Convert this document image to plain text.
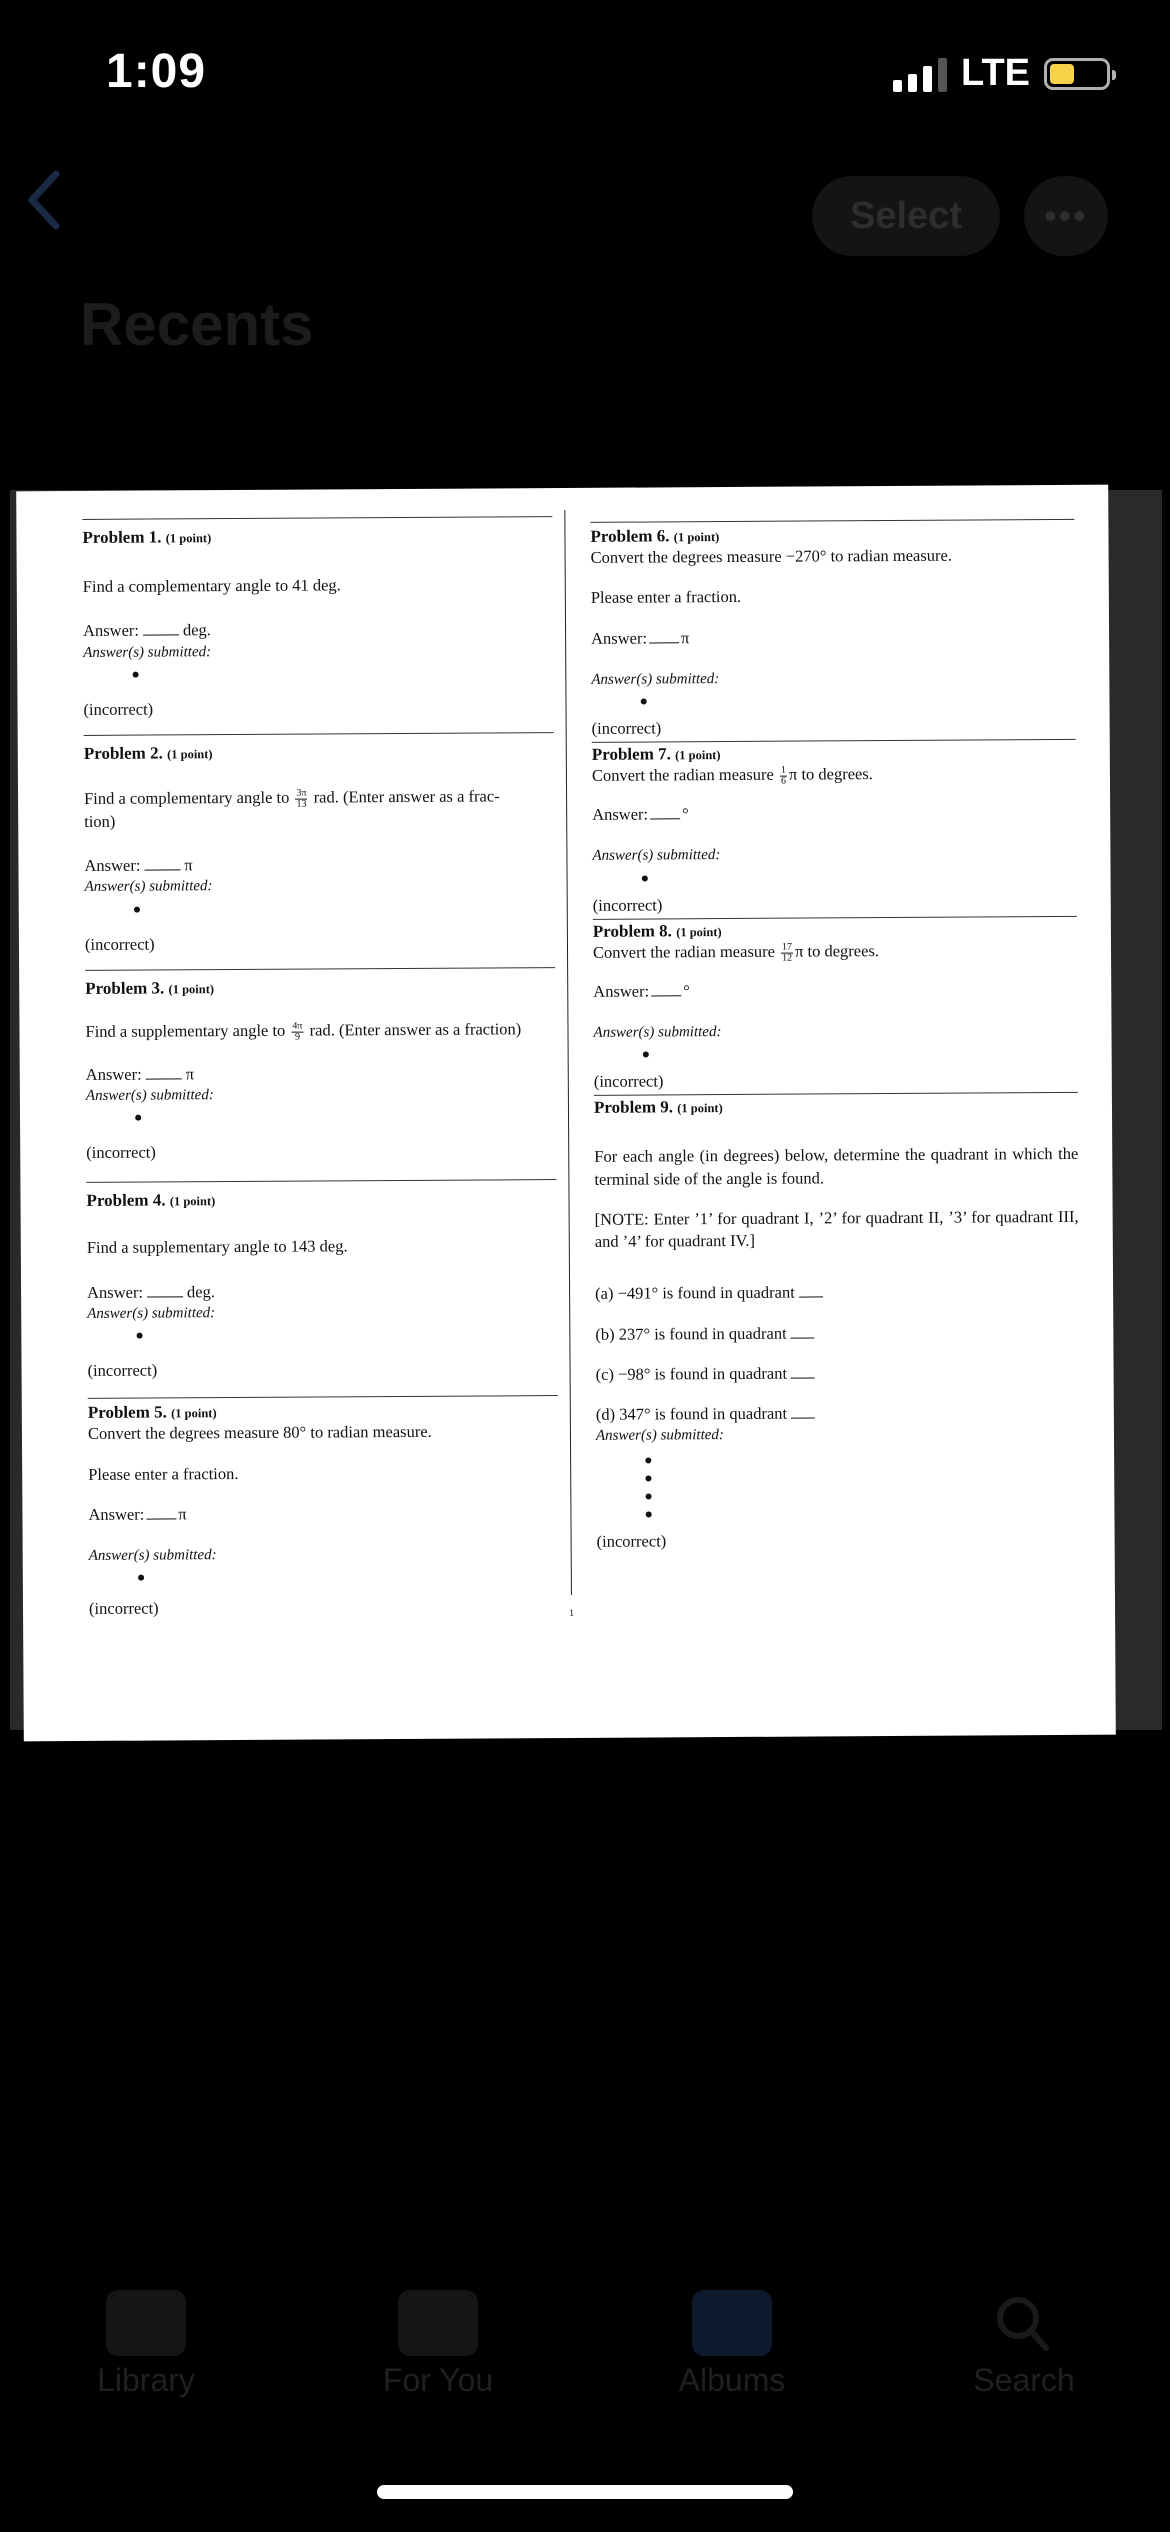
1:09	LTE
Select	•••
Recents

Problem 1. (1 point)

Find a complementary angle to 41 deg.

Answer:	deg.

Answer(s) submitted:

●

(incorrect)

Problem 2. (1 point)

Find a complementary angle to $\frac{3\pi}{13}$ rad. (Enter answer as a frac-

tion)

Answer:	π

Answer(s) submitted:

●

(incorrect)

Problem 3. (1 point)

Find a supplementary angle to $\frac{4\pi}{9}$ rad. (Enter answer as a fraction)

Answer:	π

Answer(s) submitted:

●

(incorrect)

Problem 4. (1 point)

Find a supplementary angle to 143 deg.

Answer:	deg.

Answer(s) submitted:

●

(incorrect)

Problem 5. (1 point)

Convert the degrees measure 80° to radian measure.

Please enter a fraction.

Answer: π

Answer(s) submitted:

●

(incorrect)

Problem 6. (1 point)

Convert the degrees measure −270° to radian measure.

Please enter a fraction.

Answer: π

Answer(s) submitted:

●

(incorrect)

Problem 7. (1 point)

Convert the radian measure $\frac{1}{6}$ π to degrees.

Answer: °

Answer(s) submitted:

●

(incorrect)

Problem 8. (1 point)

Convert the radian measure $\frac{17}{12}$ π to degrees.

Answer: °

Answer(s) submitted:

●

(incorrect)

Problem 9. (1 point)

For each angle (in degrees) below, determine the quadrant in which the terminal side of the angle is found.

[NOTE: Enter ’1’ for quadrant I, ’2’ for quadrant II, ’3’ for quadrant III, and ’4’ for quadrant IV.]

(a) −491° is found in quadrant

(b) 237° is found in quadrant

(c) −98° is found in quadrant

(d) 347° is found in quadrant

Answer(s) submitted:

●

●

●

●

(incorrect)

1
Library	For You	Albums	Search
